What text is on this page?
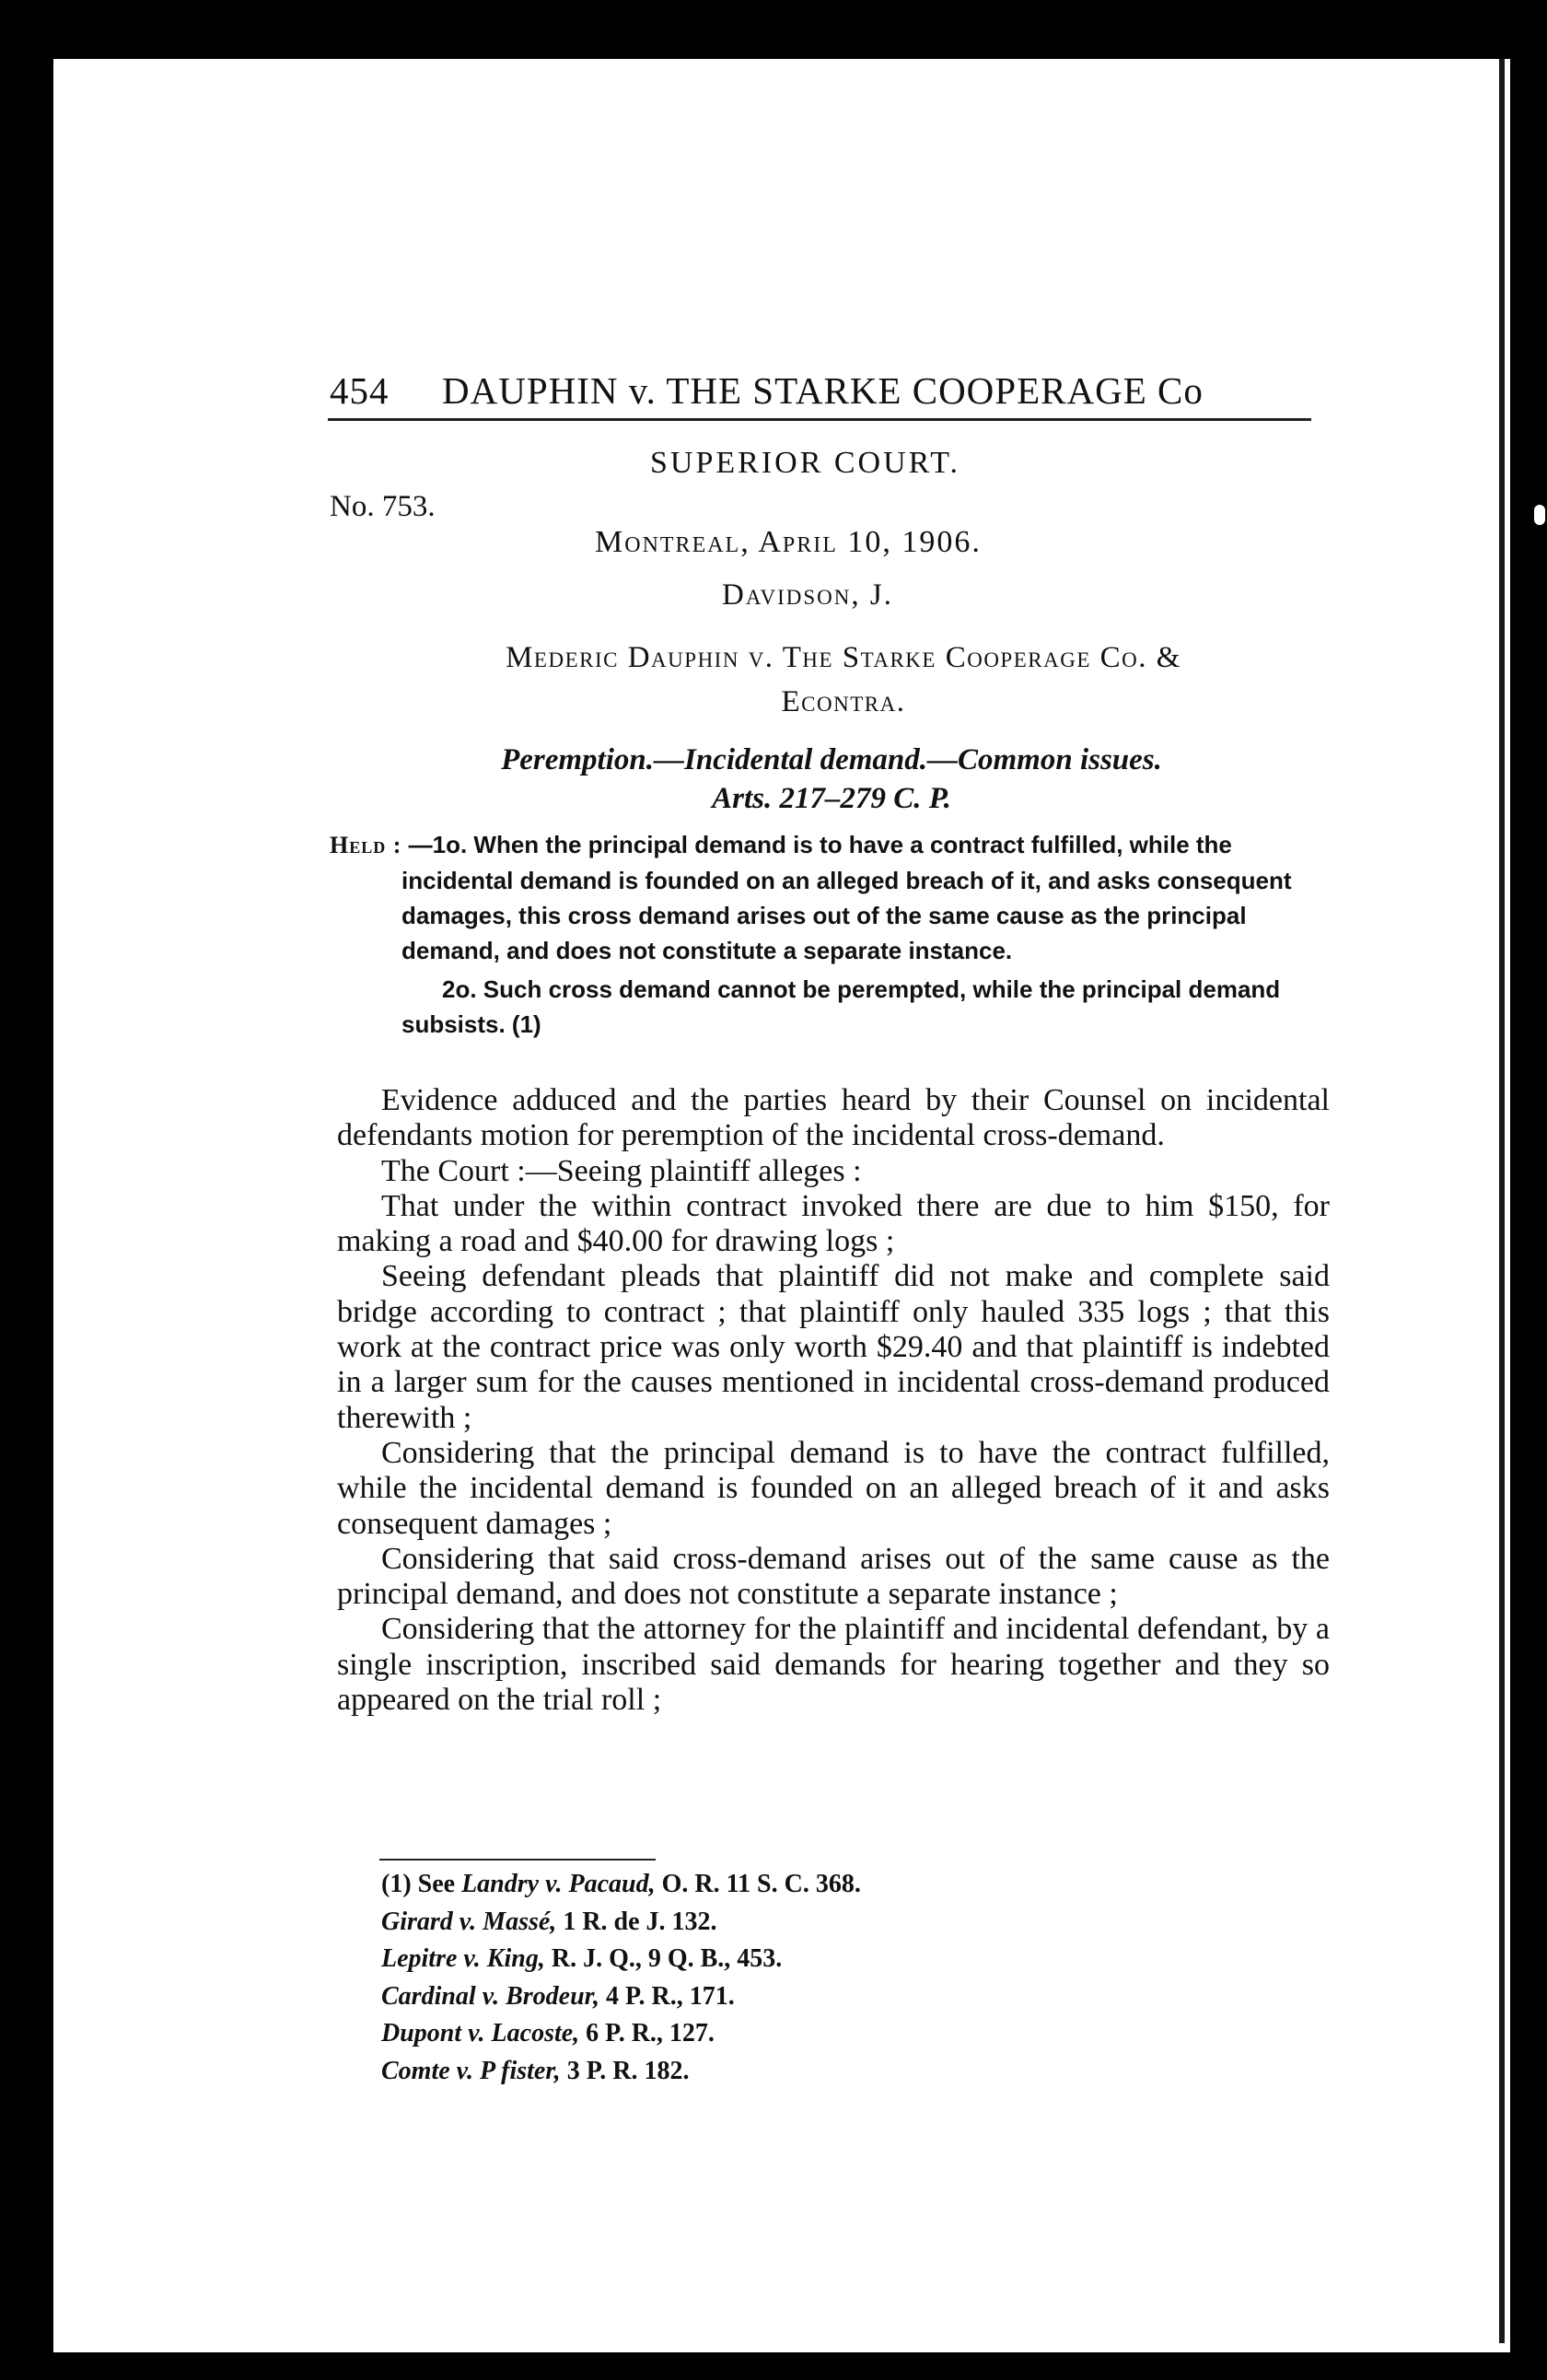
454 DAUPHIN v. THE STARKE COOPERAGE Co
SUPERIOR COURT.
No. 753.
Montreal, April 10, 1906.
Davidson, J.
Mederic Dauphin v. The Starke Cooperage Co. &
Econtra.
Peremption.—Incidental demand.—Common issues.
Arts. 217–279 C. P.

Held : —1o. When the principal demand is to have a contract fulfilled, while the incidental demand is founded on an alleged breach of it, and asks consequent damages, this cross demand arises out of the same cause as the principal demand, and does not constitute a separate instance.

2o. Such cross demand cannot be perempted, while the principal demand subsists. (1)

Evidence adduced and the parties heard by their Counsel on incidental defendants motion for peremption of the incidental cross-demand.

The Court :—Seeing plaintiff alleges :

That under the within contract invoked there are due to him $150, for making a road and $40.00 for drawing logs ;

Seeing defendant pleads that plaintiff did not make and complete said bridge according to contract ; that plaintiff only hauled 335 logs ; that this work at the contract price was only worth $29.40 and that plaintiff is indebted in a larger sum for the causes mentioned in incidental cross-demand produced therewith ;

Considering that the principal demand is to have the contract fulfilled, while the incidental demand is founded on an alleged breach of it and asks consequent damages ;

Considering that said cross-demand arises out of the same cause as the principal demand, and does not constitute a separate instance ;

Considering that the attorney for the plaintiff and incidental defendant, by a single inscription, inscribed said demands for hearing together and they so appeared on the trial roll ;

(1) See Landry v. Pacaud, O. R. 11 S. C. 368.
Girard v. Massé, 1 R. de J. 132.
Lepitre v. King, R. J. Q., 9 Q. B., 453.
Cardinal v. Brodeur, 4 P. R., 171.
Dupont v. Lacoste, 6 P. R., 127.
Comte v. P fister, 3 P. R. 182.
